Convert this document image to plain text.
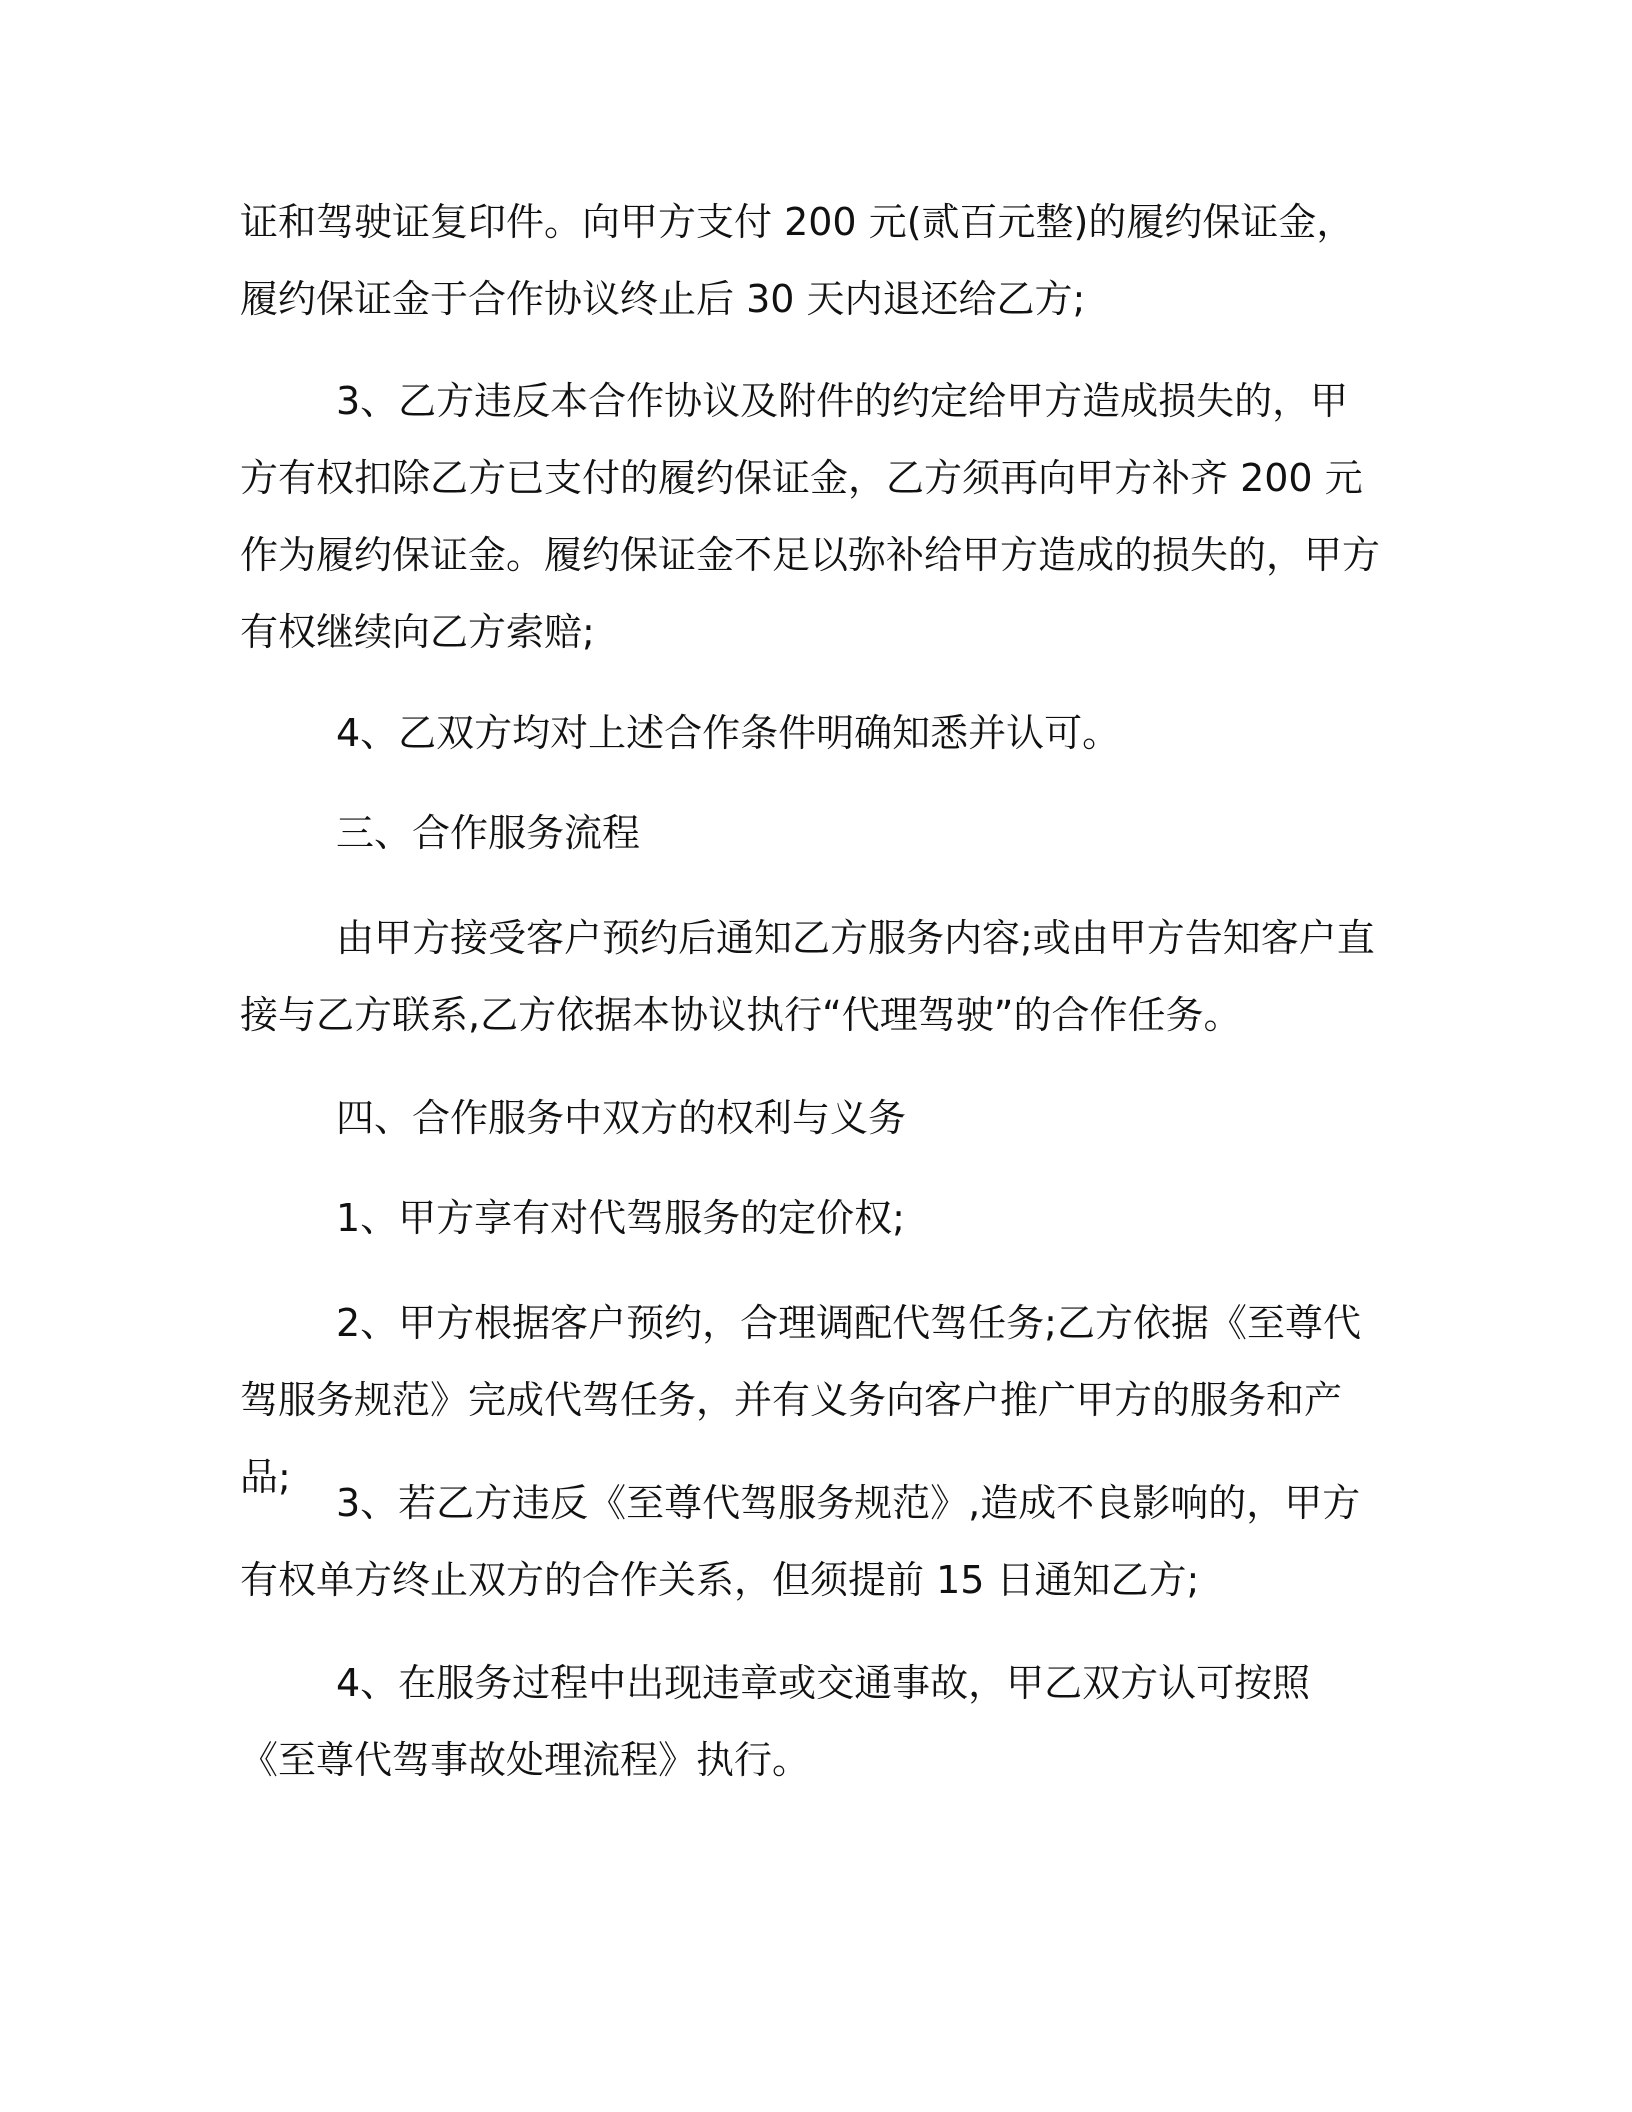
证和驾驶证复印件。向甲方支付 200 元(贰百元整)的履约保证金，履约保证金于合作协议终止后 30 天内退还给乙方;
3、乙方违反本合作协议及附件的约定给甲方造成损失的，甲方有权扣除乙方已支付的履约保证金，乙方须再向甲方补齐 200 元作为履约保证金。履约保证金不足以弥补给甲方造成的损失的，甲方有权继续向乙方索赔;
4、乙双方均对上述合作条件明确知悉并认可。
三、合作服务流程
由甲方接受客户预约后通知乙方服务内容;或由甲方告知客户直接与乙方联系,乙方依据本协议执行“代理驾驶”的合作任务。
四、合作服务中双方的权利与义务
1、甲方享有对代驾服务的定价权;
2、甲方根据客户预约，合理调配代驾任务;乙方依据《至尊代驾服务规范》完成代驾任务，并有义务向客户推广甲方的服务和产品;
3、若乙方违反《至尊代驾服务规范》,造成不良影响的，甲方有权单方终止双方的合作关系，但须提前 15 日通知乙方;
4、在服务过程中出现违章或交通事故，甲乙双方认可按照《至尊代驾事故处理流程》执行。
